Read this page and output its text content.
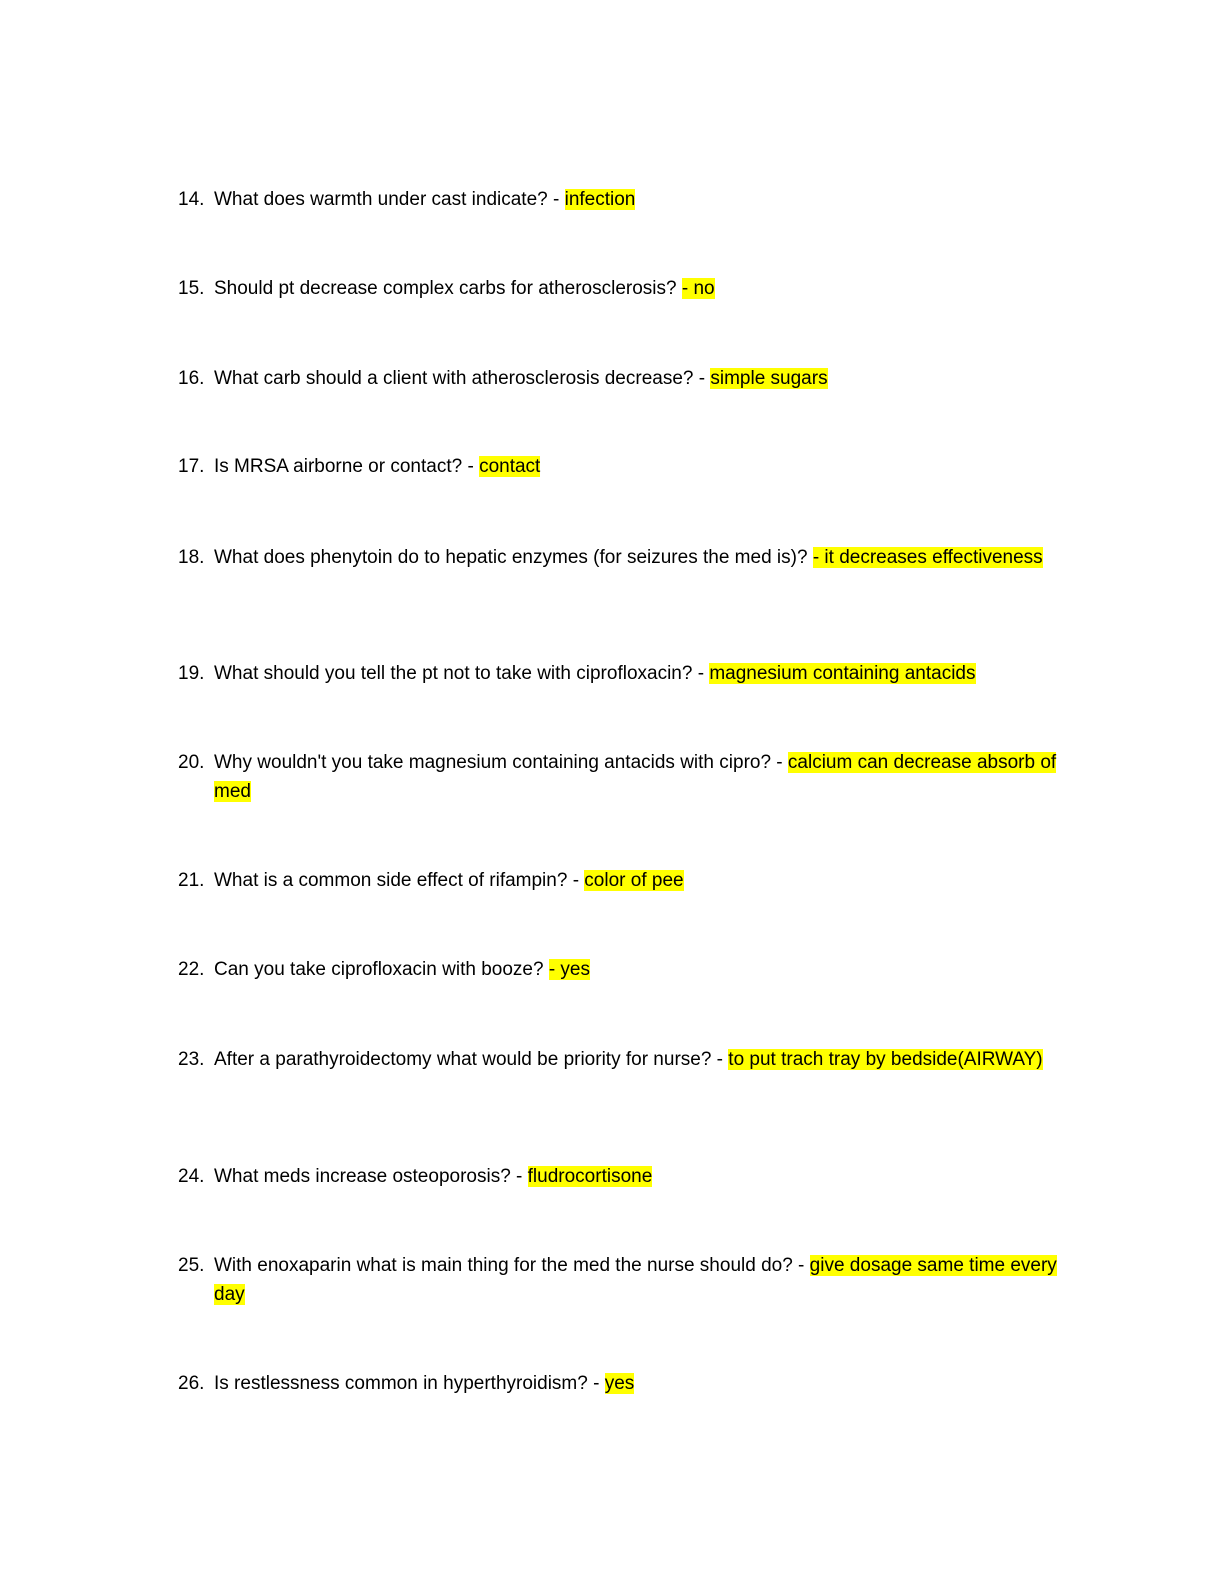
14. What does warmth under cast indicate? - infection
15. Should pt decrease complex carbs for atherosclerosis? - no
16. What carb should a client with atherosclerosis decrease? - simple sugars
17. Is MRSA airborne or contact? - contact
18. What does phenytoin do to hepatic enzymes (for seizures the med is)? - it decreases effectiveness
19. What should you tell the pt not to take with ciprofloxacin? - magnesium containing antacids
20. Why wouldn't you take magnesium containing antacids with cipro? - calcium can decrease absorb of med
21. What is a common side effect of rifampin? - color of pee
22. Can you take ciprofloxacin with booze? - yes
23. After a parathyroidectomy what would be priority for nurse? - to put trach tray by bedside(AIRWAY)
24. What meds increase osteoporosis? - fludrocortisone
25. With enoxaparin what is main thing for the med the nurse should do? - give dosage same time every day
26. Is restlessness common in hyperthyroidism? - yes
